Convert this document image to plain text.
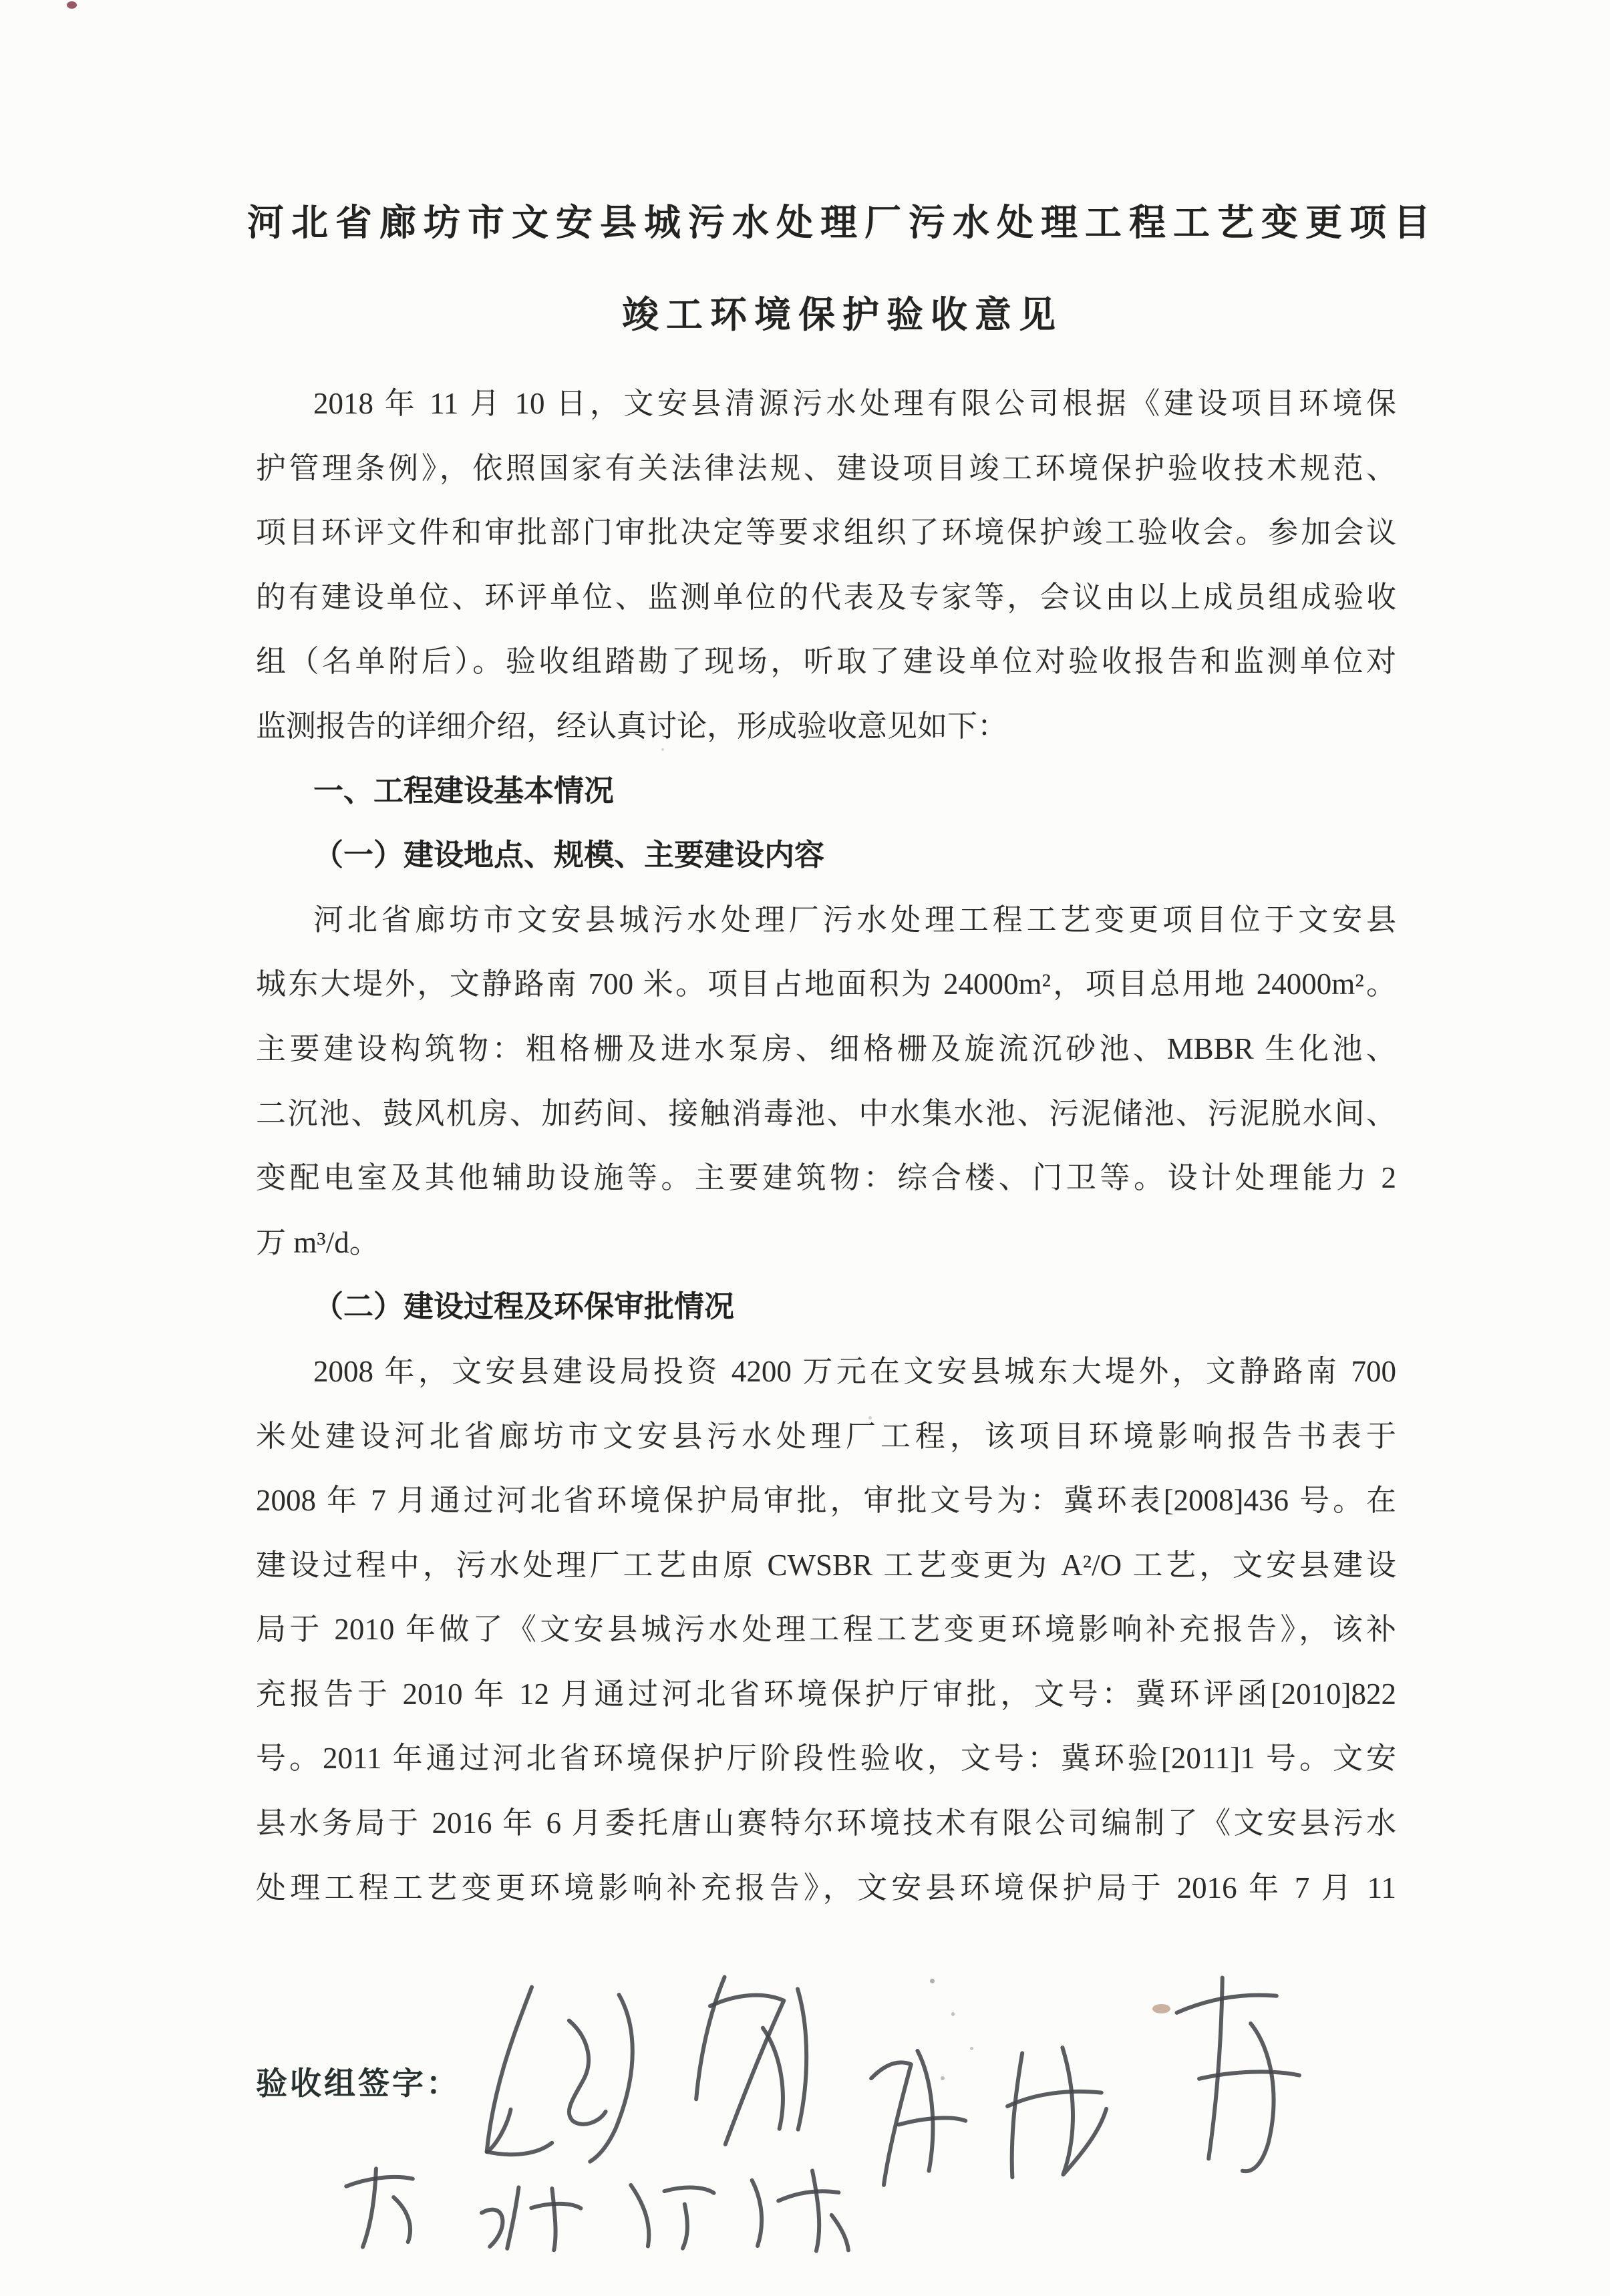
河北省廊坊市文安县城污水处理厂污水处理工程工艺变更项目
竣工环境保护验收意见
2018 年 11 月 10 日，文安县清源污水处理有限公司根据《建设项目环境保
护管理条例》，依照国家有关法律法规、建设项目竣工环境保护验收技术规范、
项目环评文件和审批部门审批决定等要求组织了环境保护竣工验收会。参加会议
的有建设单位、环评单位、监测单位的代表及专家等，会议由以上成员组成验收
组（名单附后）。验收组踏勘了现场，听取了建设单位对验收报告和监测单位对
监测报告的详细介绍，经认真讨论，形成验收意见如下：
一、工程建设基本情况
（一）建设地点、规模、主要建设内容
河北省廊坊市文安县城污水处理厂污水处理工程工艺变更项目位于文安县
城东大堤外，文静路南 700 米。项目占地面积为 24000m²，项目总用地 24000m²。
主要建设构筑物：粗格栅及进水泵房、细格栅及旋流沉砂池、MBBR 生化池、
二沉池、鼓风机房、加药间、接触消毒池、中水集水池、污泥储池、污泥脱水间、
变配电室及其他辅助设施等。主要建筑物：综合楼、门卫等。设计处理能力 2
万 m³/d。
（二）建设过程及环保审批情况
2008 年，文安县建设局投资 4200 万元在文安县城东大堤外，文静路南 700
米处建设河北省廊坊市文安县污水处理厂工程，该项目环境影响报告书表于
2008 年 7 月通过河北省环境保护局审批，审批文号为：冀环表[2008]436 号。在
建设过程中，污水处理厂工艺由原 CWSBR 工艺变更为 A²/O 工艺，文安县建设
局于 2010 年做了《文安县城污水处理工程工艺变更环境影响补充报告》，该补
充报告于 2010 年 12 月通过河北省环境保护厅审批，文号：冀环评函[2010]822
号。2011 年通过河北省环境保护厅阶段性验收，文号：冀环验[2011]1 号。文安
县水务局于 2016 年 6 月委托唐山赛特尔环境技术有限公司编制了《文安县污水
处理工程工艺变更环境影响补充报告》，文安县环境保护局于 2016 年 7 月 11
验收组签字：
